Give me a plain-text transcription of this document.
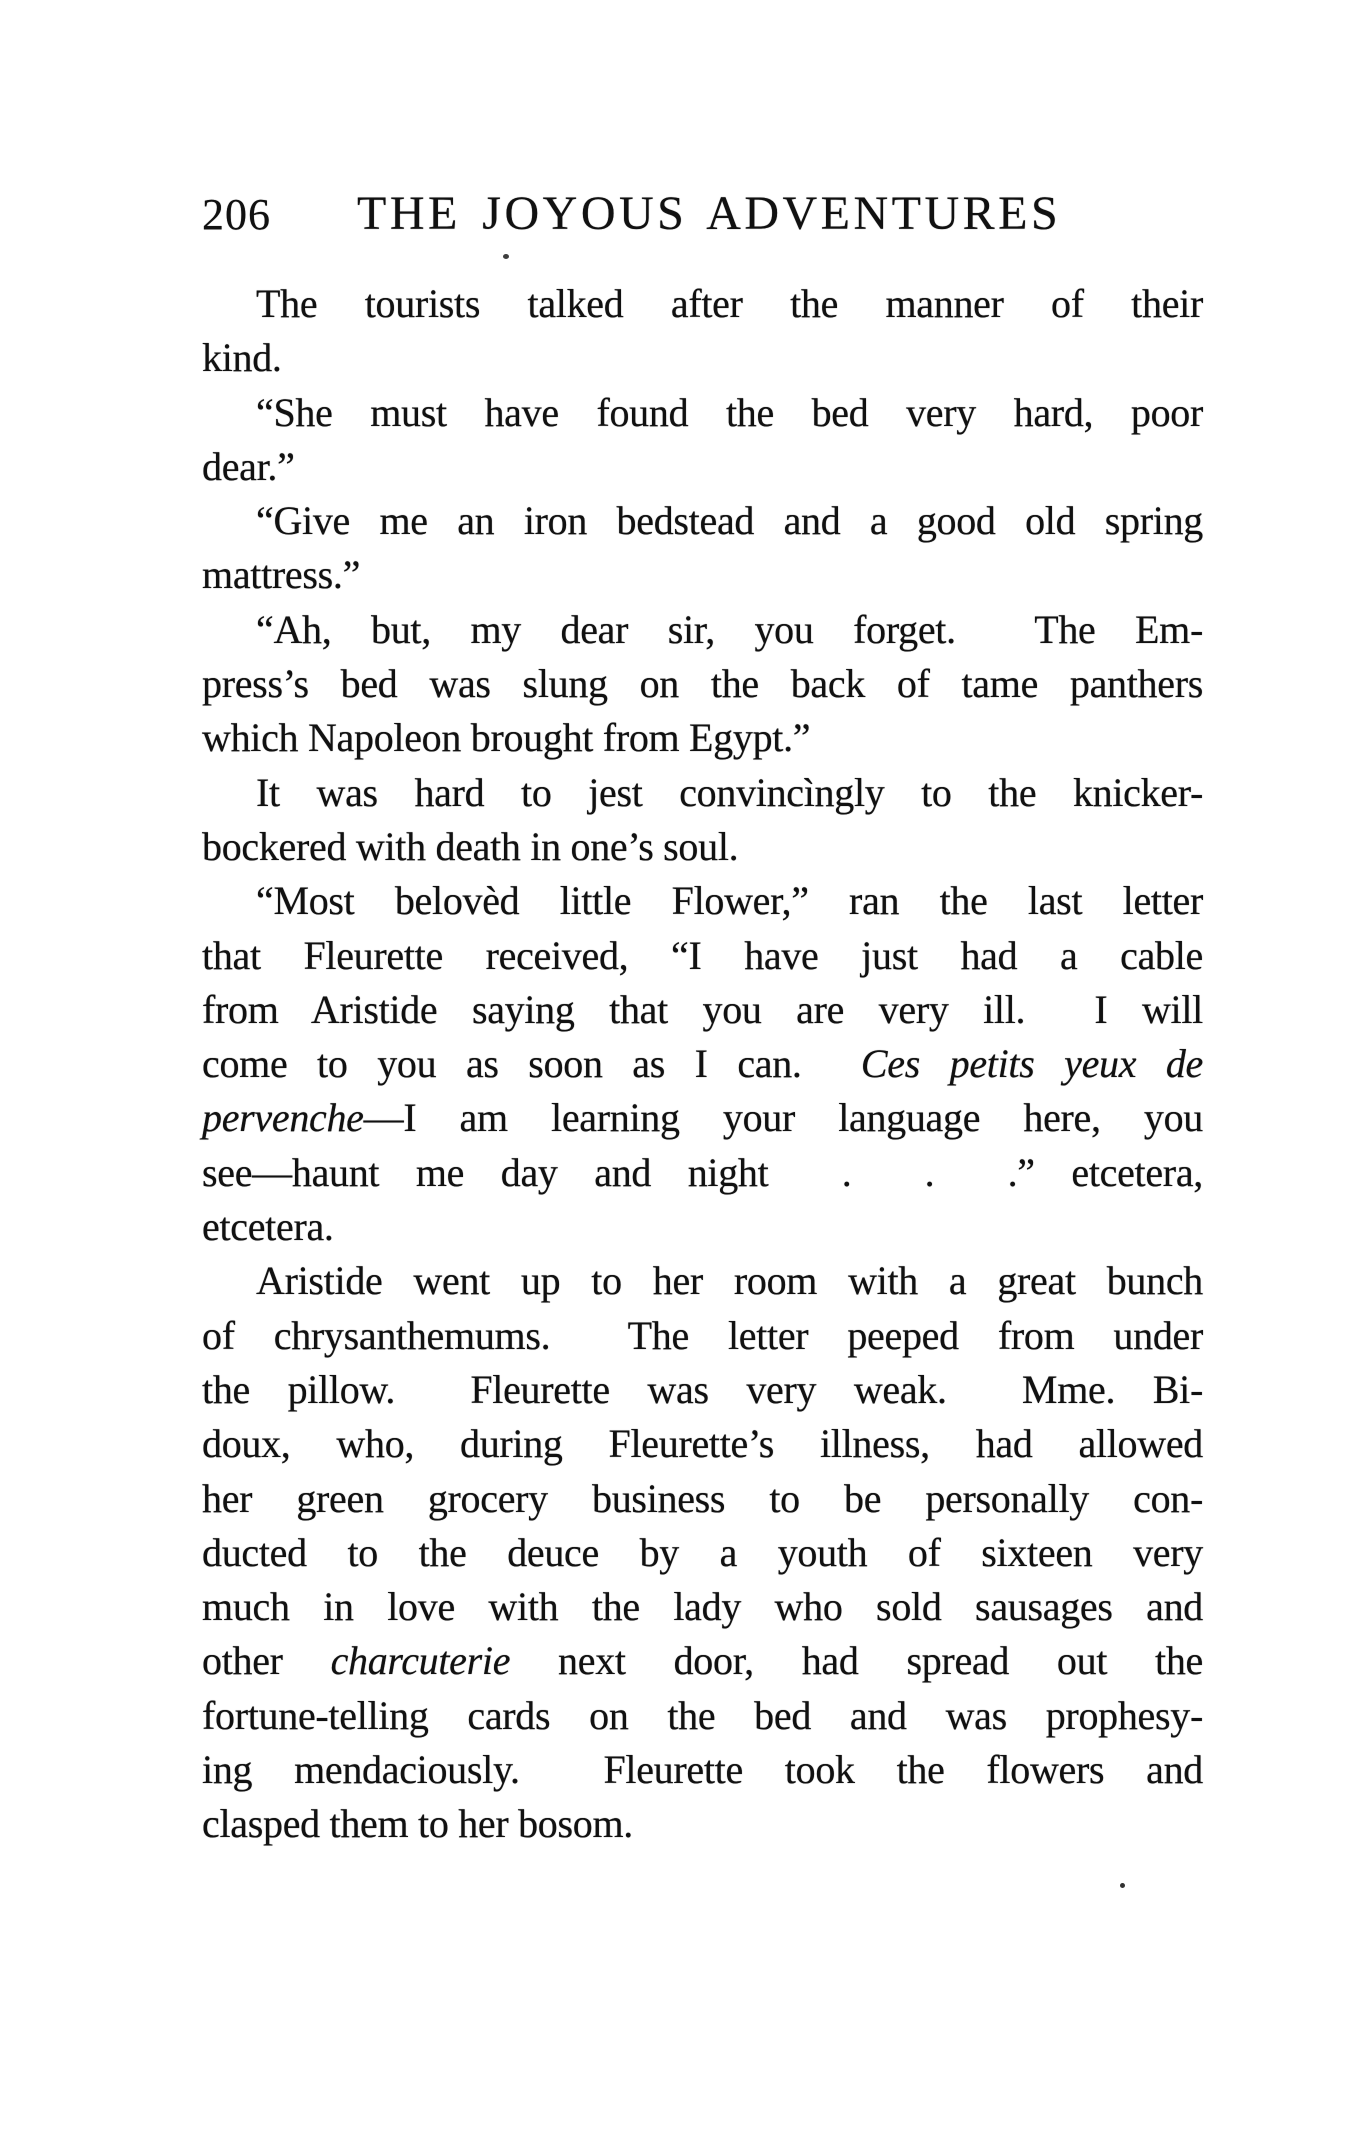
206 THE JOYOUS ADVENTURES
The tourists talked after the manner of their
kind.
“She must have found the bed very hard, poor
dear.”
“Give me an iron bedstead and a good old spring
mattress.”
“Ah, but, my dear sir, you forget.  The Em-
press’s bed was slung on the back of tame panthers
which Napoleon brought from Egypt.”
It was hard to jest convincìngly to the knicker-
bockered with death in one’s soul.
“Most belovèd little Flower,” ran the last letter
that Fleurette received, “I have just had a cable
from Aristide saying that you are very ill.  I will
come to you as soon as I can.  Ces petits yeux de
pervenche—I am learning your language here, you
see—haunt me day and night  .  .  .” etcetera,
etcetera.
Aristide went up to her room with a great bunch
of chrysanthemums.  The letter peeped from under
the pillow.  Fleurette was very weak.  Mme. Bi-
doux, who, during Fleurette’s illness, had allowed
her green grocery business to be personally con-
ducted to the deuce by a youth of sixteen very
much in love with the lady who sold sausages and
other charcuterie next door, had spread out the
fortune-telling cards on the bed and was prophesy-
ing mendaciously.  Fleurette took the flowers and
clasped them to her bosom.
